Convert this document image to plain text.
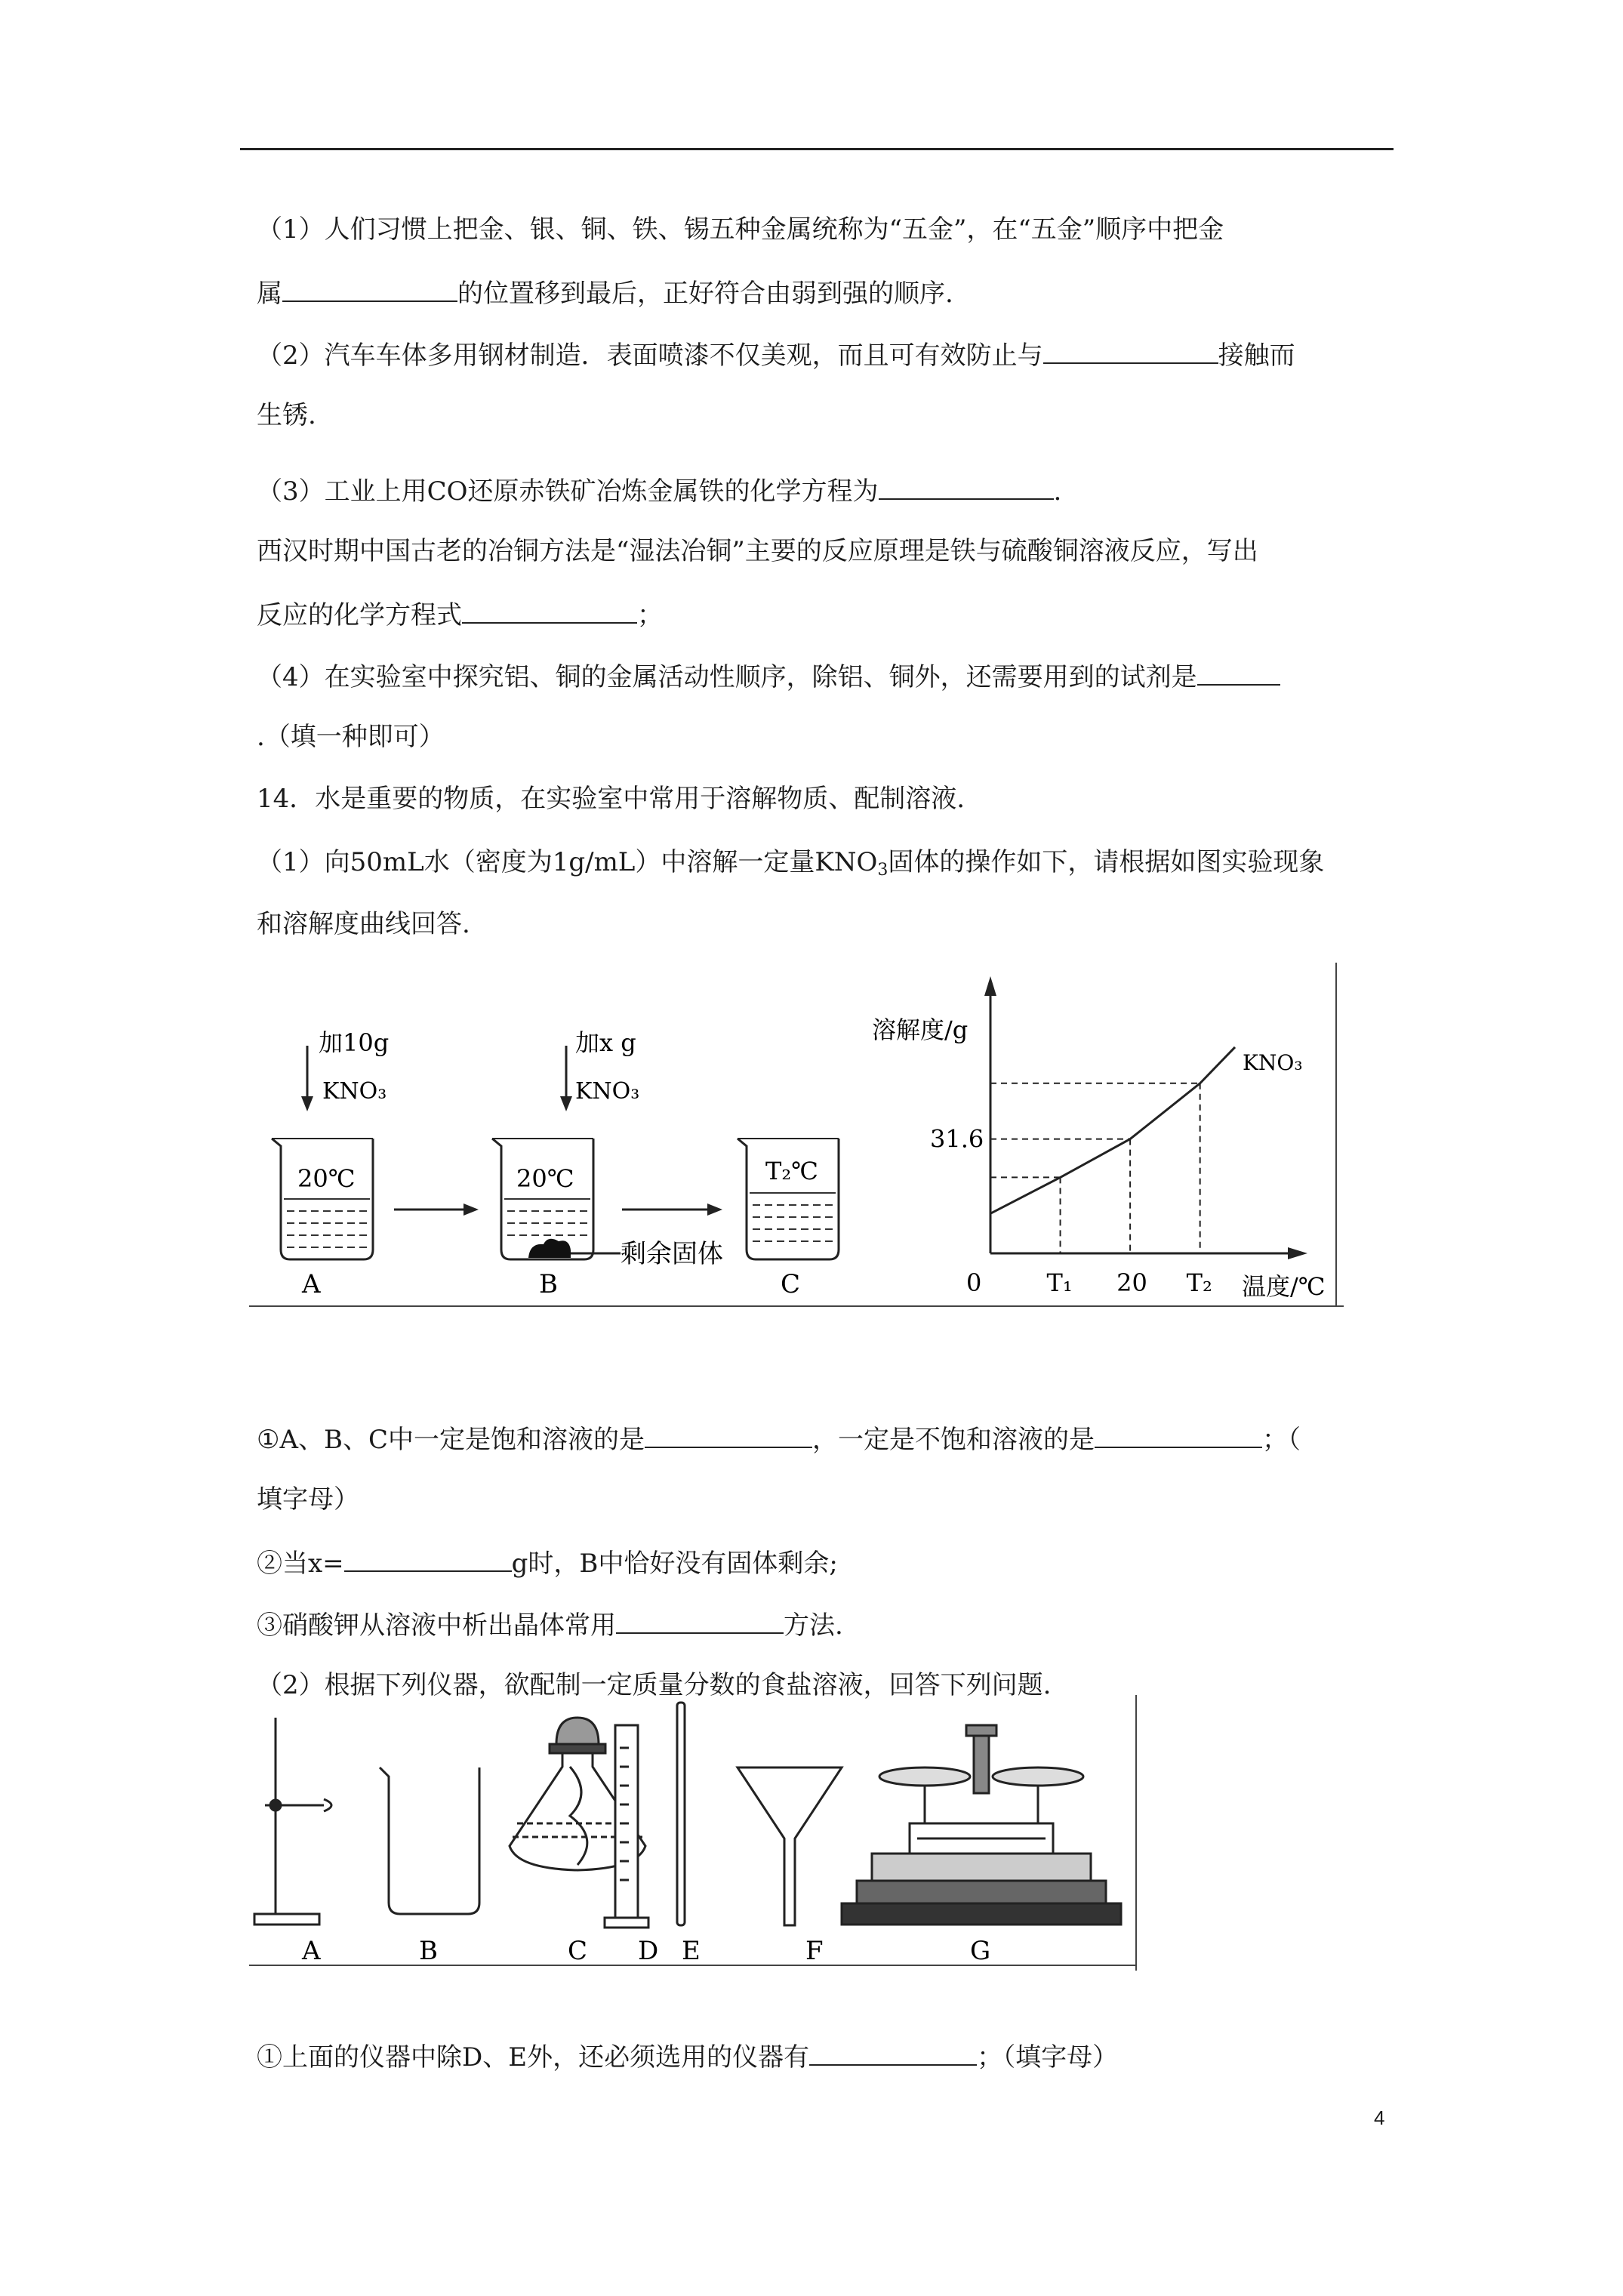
（1）人们习惯上把金、银、铜、铁、锡五种金属统称为“五金”，在“五金”顺序中把金
属	的位置移到最后，正好符合由弱到强的顺序.
（2）汽车车体多用钢材制造．表面喷漆不仅美观，而且可有效防止与	接触而
生锈.
（3）工业上用CO还原赤铁矿冶炼金属铁的化学方程为	.
西汉时期中国古老的冶铜方法是“湿法冶铜”主要的反应原理是铁与硫酸铜溶液反应，写出
反应的化学方程式	；
（4）在实验室中探究铝、铜的金属活动性顺序，除铝、铜外，还需要用到的试剂是
.（填一种即可）
14．水是重要的物质，在实验室中常用于溶解物质、配制溶液.
（1）向50mL水（密度为1g/mL）中溶解一定量$KNO_3$固体的操作如下，请根据如图实验现象
和溶解度曲线回答.
加10g
KNO₃
20℃
A
加x g
KNO₃
20℃
剩余固体
B
T₂℃
C
溶解度/g
温度/℃
KNO₃
0	T₁ 20 T₂
31.6
①A、B、C中一定是饱和溶液的是	，一定是不饱和溶液的是	；（
填字母）
②当x=	g时，B中恰好没有固体剩余;
③硝酸钾从溶液中析出晶体常用	方法.
（2）根据下列仪器，欲配制一定质量分数的食盐溶液，回答下列问题.
A	B	C D E	F	G
①上面的仪器中除D、E外，还必须选用的仪器有	；（填字母）
4
